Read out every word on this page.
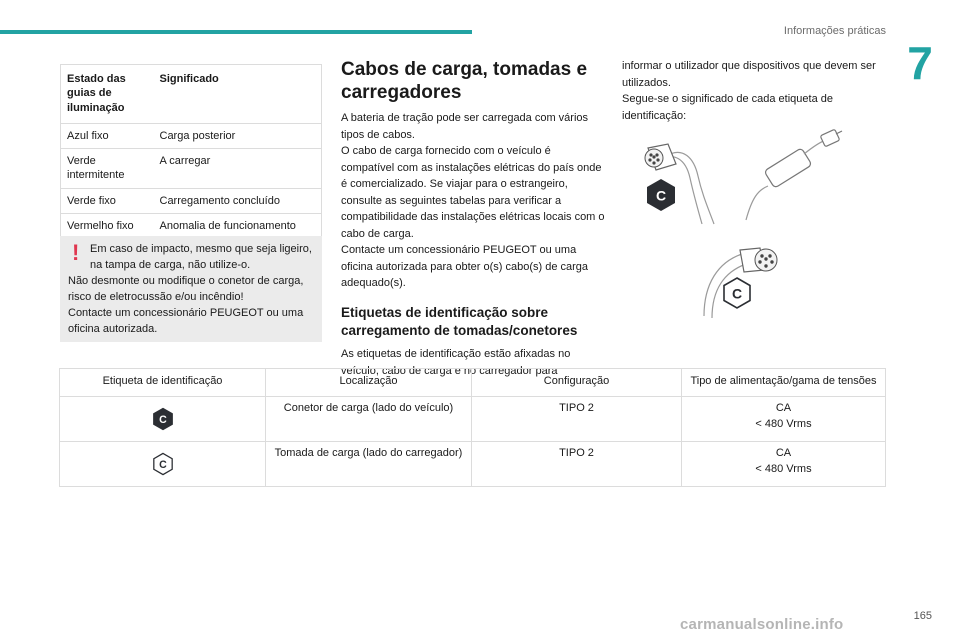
Informações práticas
7
Estado das guias de iluminação	Significado
Azul fixo	Carga posterior
Verde intermitente	A carregar
Verde fixo	Carregamento concluído
Vermelho fixo	Anomalia de funcionamento
! Em caso de impacto, mesmo que seja ligeiro, na tampa de carga, não utilize-o.
Não desmonte ou modifique o conetor de carga, risco de eletrocussão e/ou incêndio!
Contacte um concessionário PEUGEOT ou uma oficina autorizada.
Cabos de carga, tomadas e carregadores
A bateria de tração pode ser carregada com vários tipos de cabos.
O cabo de carga fornecido com o veículo é compatível com as instalações elétricas do país onde é comercializado. Se viajar para o estrangeiro, consulte as seguintes tabelas para verificar a compatibilidade das instalações elétricas locais com o cabo de carga.
Contacte um concessionário PEUGEOT ou uma oficina autorizada para obter o(s) cabo(s) de carga adequado(s).
Etiquetas de identificação sobre carregamento de tomadas/conetores
As etiquetas de identificação estão afixadas no veículo, cabo de carga e no carregador para
informar o utilizador que dispositivos que devem ser utilizados.
Segue-se o significado de cada etiqueta de identificação:
C
C
Etiqueta de identificação	Localização	Configuração	Tipo de alimentação/gama de tensões

C	Conetor de carga (lado do veículo)	TIPO 2	CA
< 480 Vrms

C	Tomada de carga (lado do carregador)	TIPO 2	CA
< 480 Vrms
165
carmanualsonline.info
